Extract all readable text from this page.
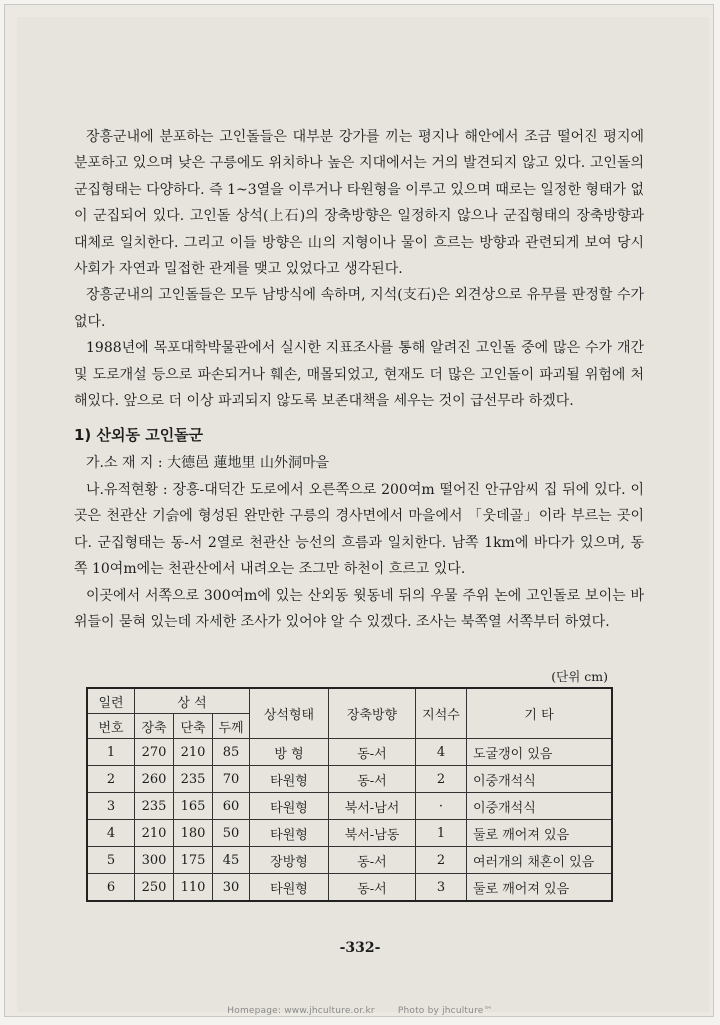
장흥군내에 분포하는 고인돌들은 대부분 강가를 끼는 평지나 해안에서 조금 떨어진 평지에 분포하고 있으며 낮은 구릉에도 위치하나 높은 지대에서는 거의 발견되지 않고 있다. 고인돌의 군집형태는 다양하다. 즉 1~3열을 이루거나 타원형을 이루고 있으며 때로는 일정한 형태가 없이 군집되어 있다. 고인돌 상석(上石)의 장축방향은 일정하지 않으나 군집형태의 장축방향과 대체로 일치한다. 그리고 이들 방향은 山의 지형이나 물이 흐르는 방향과 관련되게 보여 당시 사회가 자연과 밀접한 관계를 맺고 있었다고 생각된다.

장흥군내의 고인돌들은 모두 남방식에 속하며, 지석(支石)은 외견상으로 유무를 판정할 수가 없다.

1988년에 목포대학박물관에서 실시한 지표조사를 통해 알려진 고인돌 중에 많은 수가 개간 및 도로개설 등으로 파손되거나 훼손, 매몰되었고, 현재도 더 많은 고인돌이 파괴될 위험에 처해있다. 앞으로 더 이상 파괴되지 않도록 보존대책을 세우는 것이 급선무라 하겠다.

1) 산외동 고인돌군

가.소 재 지 : 大德邑 蓮地里 山外洞마을

나.유적현황 : 장흥-대덕간 도로에서 오른쪽으로 200여m 떨어진 안규암씨 집 뒤에 있다. 이곳은 천관산 기슭에 형성된 완만한 구릉의 경사면에서 마을에서 「웃데골」이라 부르는 곳이다. 군집형태는 동-서 2열로 천관산 능선의 흐름과 일치한다. 남쪽 1km에 바다가 있으며, 동쪽 10여m에는 천관산에서 내려오는 조그만 하천이 흐르고 있다.

이곳에서 서쪽으로 300여m에 있는 산외동 윗동네 뒤의 우물 주위 논에 고인돌로 보이는 바위들이 묻혀 있는데 자세한 조사가 있어야 알 수 있겠다. 조사는 북쪽열 서쪽부터 하였다.

(단위 cm)
일련	상 석			상석형태	장축방향	지석수	기 타
번호	장축	단축	두께				
1	270	210	85	방 형	동-서	4	도굴갱이 있음
2	260	235	70	타원형	동-서	2	이중개석식
3	235	165	60	타원형	북서-남서	·	이중개석식
4	210	180	50	타원형	북서-남동	1	둘로 깨어져 있음
5	300	175	45	장방형	동-서	2	여러개의 채혼이 있음
6	250	110	30	타원형	동-서	3	둘로 깨어져 있음
-332-
Homepage: www.jhculture.or.kr	Photo by jhculture™
